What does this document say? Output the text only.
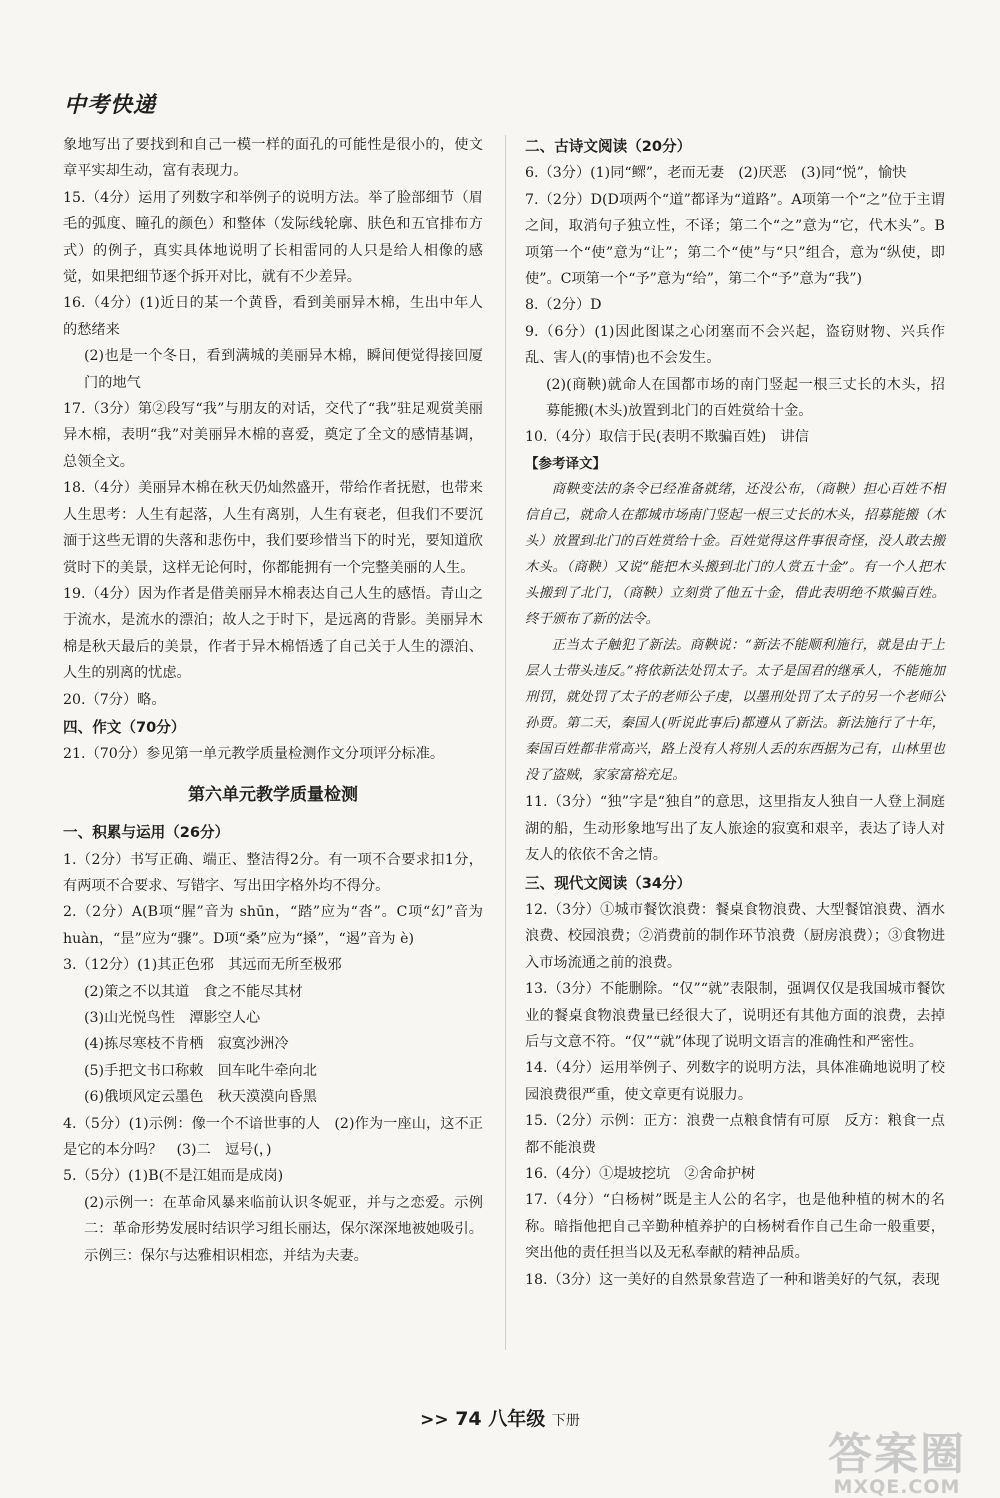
中考快递

象地写出了要找到和自己一模一样的面孔的可能性是很小的，使文章平实却生动，富有表现力。

15.（4分）运用了列数字和举例子的说明方法。举了脸部细节（眉毛的弧度、瞳孔的颜色）和整体（发际线轮廓、肤色和五官排布方式）的例子，真实具体地说明了长相雷同的人只是给人相像的感觉，如果把细节逐个拆开对比，就有不少差异。

16.（4分）(1)近日的某一个黄昏，看到美丽异木棉，生出中年人的愁绪来

(2)也是一个冬日，看到满城的美丽异木棉，瞬间便觉得接回厦门的地气

17.（3分）第②段写“我”与朋友的对话，交代了“我”驻足观赏美丽异木棉，表明“我”对美丽异木棉的喜爱，奠定了全文的感情基调，总领全文。

18.（4分）美丽异木棉在秋天仍灿然盛开，带给作者抚慰，也带来人生思考：人生有起落，人生有离别，人生有衰老，但我们不要沉湎于这些无谓的失落和悲伤中，我们要珍惜当下的时光，要知道欣赏时下的美景，这样无论何时，你都能拥有一个完整美丽的人生。

19.（4分）因为作者是借美丽异木棉表达自己人生的感悟。青山之于流水，是流水的漂泊；故人之于时下，是远离的背影。美丽异木棉是秋天最后的美景，作者于异木棉悟透了自己关于人生的漂泊、人生的别离的忧虑。

20.（7分）略。

四、作文（70分）

21.（70分）参见第一单元教学质量检测作文分项评分标准。

第六单元教学质量检测

一、积累与运用（26分）

1.（2分）书写正确、端正、整洁得2分。有一项不合要求扣1分，有两项不合要求、写错字、写出田字格外均不得分。

2.（2分）A(B项“腥”音为 shūn，“踏”应为“沓”。C项“幻”音为huàn，“昰”应为“骤”。D项“桑”应为“搡”，“遏”音为 è)

3.（12分）(1)其正色邪　其远而无所至极邪

(2)策之不以其道　食之不能尽其材

(3)山光悦鸟性　潭影空人心

(4)拣尽寒枝不肯栖　寂寞沙洲冷

(5)手把文书口称敕　回车叱牛牵向北

(6)俄顷风定云墨色　秋天漠漠向昏黑

4.（5分）(1)示例：像一个不谙世事的人　(2)作为一座山，这不正是它的本分吗？　(3)二　逗号(，)

5.（5分）(1)B(不是江姐而是成岗)

(2)示例一：在革命风暴来临前认识冬妮亚，并与之恋爱。示例二：革命形势发展时结识学习组长丽达，保尔深深地被她吸引。示例三：保尔与达雅相识相恋，并结为夫妻。

二、古诗文阅读（20分）

6.（3分）(1)同“鳏”，老而无妻　(2)厌恶　(3)同“悦”，愉快

7.（2分）D(D项两个“道”都译为“道路”。A项第一个“之”位于主谓之间，取消句子独立性，不译；第二个“之”意为“它，代木头”。B项第一个“使”意为“让”；第二个“使”与“只”组合，意为“纵使，即使”。C项第一个“予”意为“给”，第二个“予”意为“我”)

8.（2分）D

9.（6分）(1)因此图谋之心闭塞而不会兴起，盗窃财物、兴兵作乱、害人(的事情)也不会发生。

(2)(商鞅)就命人在国都市场的南门竖起一根三丈长的木头，招募能搬(木头)放置到北门的百姓赏给十金。

10.（4分）取信于民(表明不欺骗百姓)　讲信

【参考译文】

商鞅变法的条令已经准备就绪，还没公布，（商鞅）担心百姓不相信自己，就命人在都城市场南门竖起一根三丈长的木头，招募能搬（木头）放置到北门的百姓赏给十金。百姓觉得这件事很奇怪，没人敢去搬木头。（商鞅）又说“能把木头搬到北门的人赏五十金”。有一个人把木头搬到了北门，（商鞅）立刻赏了他五十金，借此表明绝不欺骗百姓。终于颁布了新的法令。

正当太子触犯了新法。商鞅说：“新法不能顺利施行，就是由于上层人士带头违反。”将依新法处罚太子。太子是国君的继承人，不能施加刑罚，就处罚了太子的老师公子虔，以墨刑处罚了太子的另一个老师公孙贾。第二天，秦国人(听说此事后)都遵从了新法。新法施行了十年，秦国百姓都非常高兴，路上没有人将别人丢的东西据为己有，山林里也没了盗贼，家家富裕充足。

11.（3分）“独”字是“独自”的意思，这里指友人独自一人登上洞庭湖的船，生动形象地写出了友人旅途的寂寞和艰辛，表达了诗人对友人的依依不舍之情。

三、现代文阅读（34分）

12.（3分）①城市餐饮浪费：餐桌食物浪费、大型餐馆浪费、酒水浪费、校园浪费；②消费前的制作环节浪费（厨房浪费）；③食物进入市场流通之前的浪费。

13.（3分）不能删除。“仅”“就”表限制，强调仅仅是我国城市餐饮业的餐桌食物浪费量已经很大了，说明还有其他方面的浪费，去掉后与文意不符。“仅”“就”体现了说明文语言的准确性和严密性。

14.（4分）运用举例子、列数字的说明方法，具体准确地说明了校园浪费很严重，使文章更有说服力。

15.（2分）示例：正方：浪费一点粮食情有可原　反方：粮食一点都不能浪费

16.（4分）①堤坡挖坑　②舍命护树

17.（4分）“白杨树”既是主人公的名字，也是他种植的树木的名称。暗指他把自己辛勤种植养护的白杨树看作自己生命一般重要，突出他的责任担当以及无私奉献的精神品质。

18.（3分）这一美好的自然景象营造了一种和谐美好的气氛，表现

>> 74 八年级 下册
答案圈
MXQE.COM
